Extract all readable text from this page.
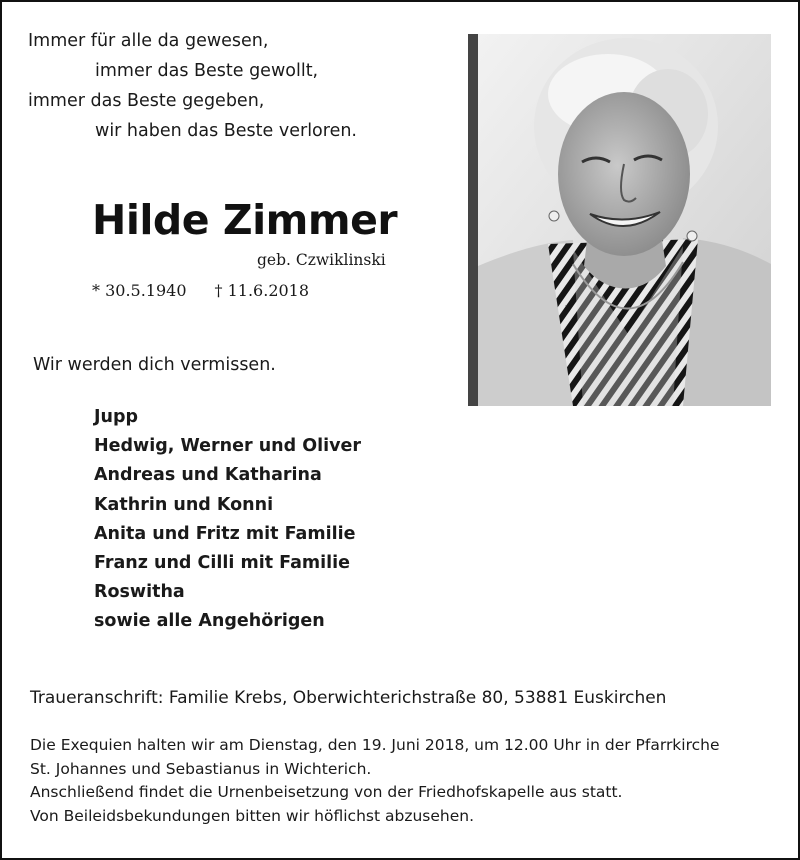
Immer für alle da gewesen,
immer das Beste gewollt,
immer das Beste gegeben,
wir haben das Beste verloren.
Hilde Zimmer
geb. Czwiklinski
* 30.5.1940 † 11.6.2018
Wir werden dich vermissen.
Jupp
Hedwig, Werner und Oliver
Andreas und Katharina
Kathrin und Konni
Anita und Fritz mit Familie
Franz und Cilli mit Familie
Roswitha
sowie alle Angehörigen
Traueranschrift: Familie Krebs, Oberwichterichstraße 80, 53881 Euskirchen
Die Exequien halten wir am Dienstag, den 19. Juni 2018, um 12.00 Uhr in der Pfarrkirche
St. Johannes und Sebastianus in Wichterich.
Anschließend findet die Urnenbeisetzung von der Friedhofskapelle aus statt.
Von Beileidsbekundungen bitten wir höflichst abzusehen.
